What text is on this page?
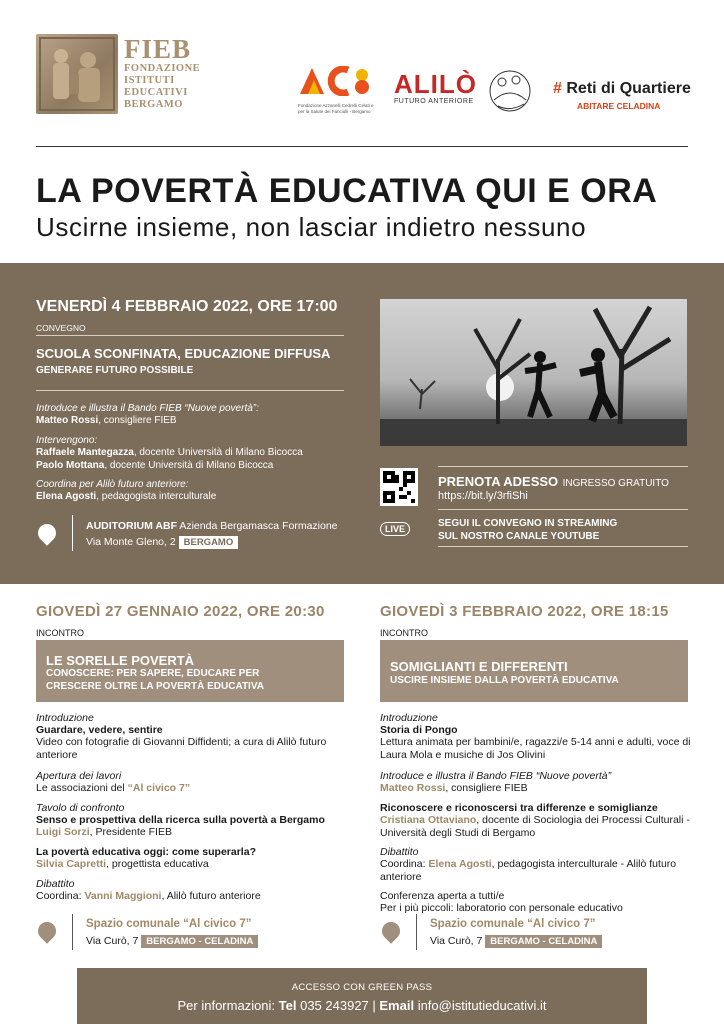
FIEB
FONDAZIONE
ISTITUTI
EDUCATIVI
BERGAMO	Fondazione Azzanelli Cedrelli Celati e per la Salute dei Fanciulli - Bergamo
ALILÒ
FUTURO ANTERIORE
# Reti di Quartiere
ABITARE CELADINA
LA POVERTÀ EDUCATIVA QUI E ORA
Uscirne insieme, non lasciar indietro nessuno
VENERDÌ 4 FEBBRAIO 2022, ORE 17:00
CONVEGNO
SCUOLA SCONFINATA, EDUCAZIONE DIFFUSA
GENERARE FUTURO POSSIBILE
Introduce e illustra il Bando FIEB “Nuove povertà”:
Matteo Rossi, consigliere FIEB
Intervengono:
Raffaele Mantegazza, docente Università di Milano Bicocca
Paolo Mottana, docente Università di Milano Bicocca
Coordina per Alilò futuro anteriore:
Elena Agosti, pedagogista interculturale
AUDITORIUM ABF Azienda Bergamasca Formazione
Via Monte Gleno, 2 BERGAMO
PRENOTA ADESSO INGRESSO GRATUITO
https://bit.ly/3rfiShi
LIVE	SEGUI IL CONVEGNO IN STREAMING
SUL NOSTRO CANALE YOUTUBE
GIOVEDÌ 27 GENNAIO 2022, ORE 20:30
INCONTRO
LE SORELLE POVERTÀ
CONOSCERE: PER SAPERE, EDUCARE PER
CRESCERE OLTRE LA POVERTÀ EDUCATIVA
Introduzione
Guardare, vedere, sentire
Video con fotografie di Giovanni Diffidenti; a cura di Alilò futuro anteriore
Apertura dei lavori
Le associazioni del “Al civico 7”
Tavolo di confronto
Senso e prospettiva della ricerca sulla povertà a Bergamo
Luigi Sorzi, Presidente FIEB
La povertà educativa oggi: come superarla?
Silvia Capretti, progettista educativa
Dibattito
Coordina: Vanni Maggioni, Alilò futuro anteriore
Spazio comunale “Al civico 7”
Via Curò, 7 BERGAMO - CELADINA
GIOVEDÌ 3 FEBBRAIO 2022, ORE 18:15
INCONTRO
SOMIGLIANTI E DIFFERENTI
USCIRE INSIEME DALLA POVERTÀ EDUCATIVA
Introduzione
Storia di Pongo
Lettura animata per bambini/e, ragazzi/e 5-14 anni e adulti, voce di Laura Mola e musiche di Jos Olivini
Introduce e illustra il Bando FIEB “Nuove povertà”
Matteo Rossi, consigliere FIEB
Riconoscere e riconoscersi tra differenze e somiglianze
Cristiana Ottaviano, docente di Sociologia dei Processi Culturali - Università degli Studi di Bergamo
Dibattito
Coordina: Elena Agosti, pedagogista interculturale - Alilò futuro anteriore
Conferenza aperta a tutti/e
Per i più piccoli: laboratorio con personale educativo
Spazio comunale “Al civico 7”
Via Curò, 7 BERGAMO - CELADINA
ACCESSO CON GREEN PASS
Per informazioni: Tel 035 243927 | Email info@istitutieducativi.it
